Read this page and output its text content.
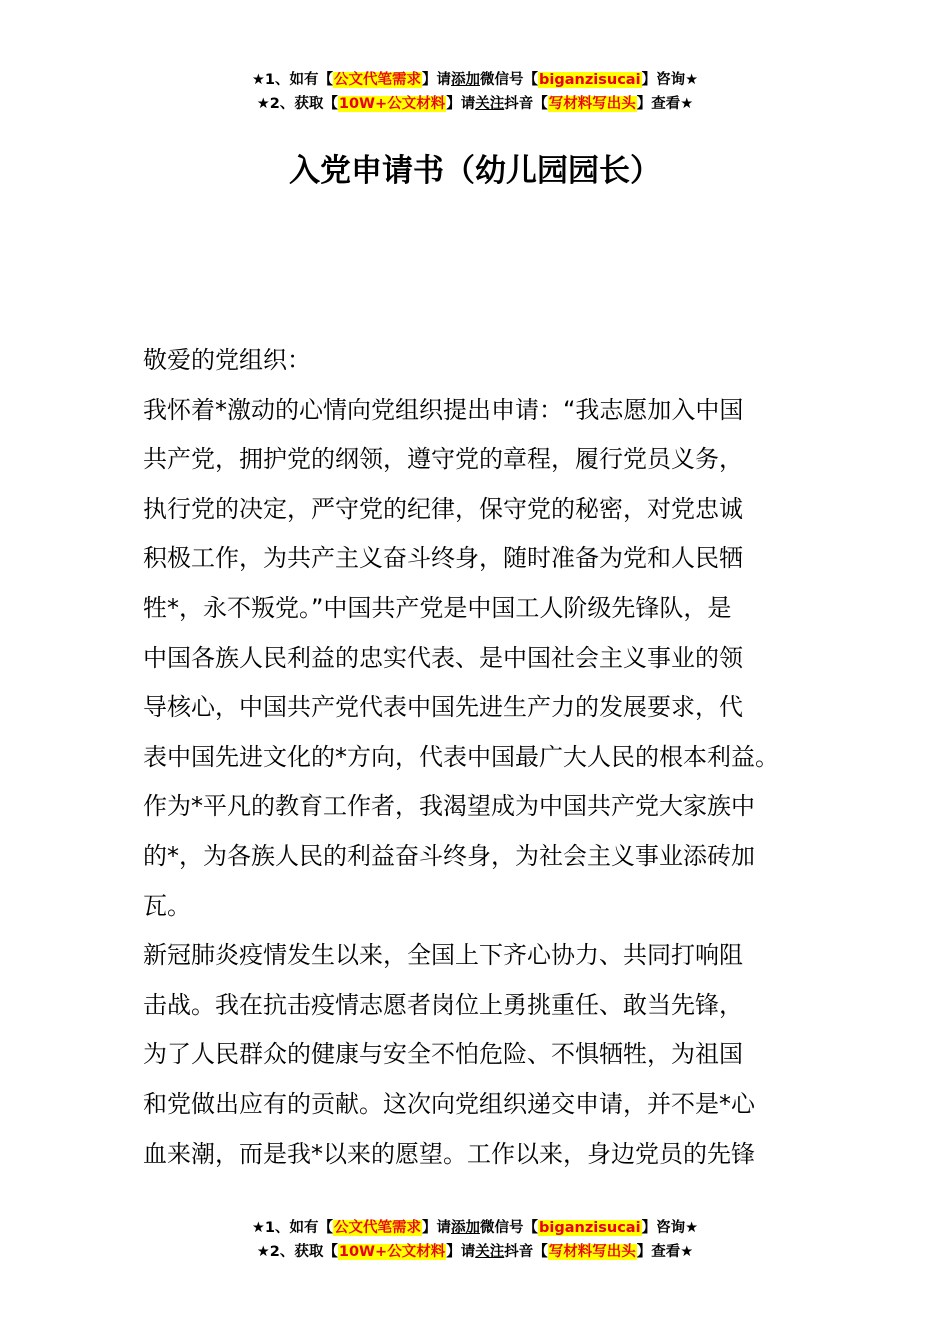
★1、如有【公文代笔需求】请添加微信号【biganzisucai】咨询★
★2、获取【10W+公文材料】请关注抖音【写材料写出头】查看★
入党申请书（幼儿园园长）
敬爱的党组织：
我怀着*激动的心情向党组织提出申请：“我志愿加入中国
共产党，拥护党的纲领，遵守党的章程，履行党员义务，
执行党的决定，严守党的纪律，保守党的秘密，对党忠诚
积极工作，为共产主义奋斗终身，随时准备为党和人民牺
牲*，永不叛党。”中国共产党是中国工人阶级先锋队，是
中国各族人民利益的忠实代表、是中国社会主义事业的领
导核心，中国共产党代表中国先进生产力的发展要求，代
表中国先进文化的*方向，代表中国最广大人民的根本利益。
作为*平凡的教育工作者，我渴望成为中国共产党大家族中
的*，为各族人民的利益奋斗终身，为社会主义事业添砖加
瓦。
新冠肺炎疫情发生以来，全国上下齐心协力、共同打响阻
击战。我在抗击疫情志愿者岗位上勇挑重任、敢当先锋，
为了人民群众的健康与安全不怕危险、不惧牺牲，为祖国
和党做出应有的贡献。这次向党组织递交申请，并不是*心
血来潮，而是我*以来的愿望。工作以来，身边党员的先锋
★1、如有【公文代笔需求】请添加微信号【biganzisucai】咨询★
★2、获取【10W+公文材料】请关注抖音【写材料写出头】查看★
